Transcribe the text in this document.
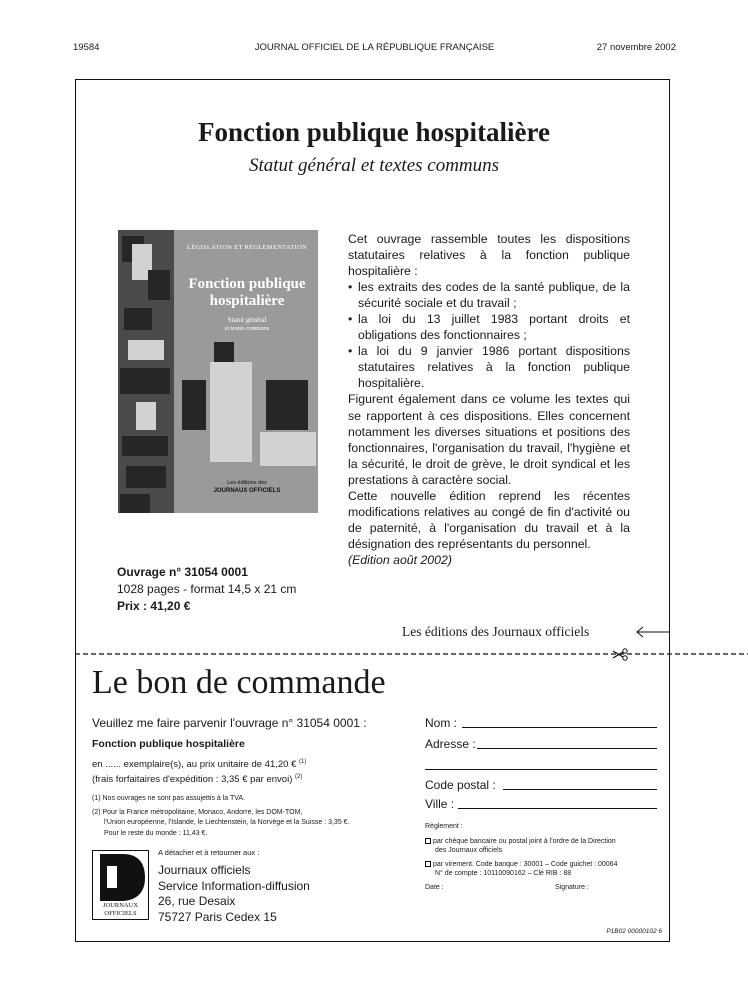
19584	JOURNAL OFFICIEL DE LA RÉPUBLIQUE FRANÇAISE	27 novembre 2002
Fonction publique hospitalière
Statut général et textes communs
LÉGISLATION ET RÉGLEMENTATION
Fonction publique
hospitalière
Statut général
et textes communs
Les éditions des
JOURNAUX OFFICIELS

Cet ouvrage rassemble toutes les dispositions statutaires relatives à la fonction publique hospitalière :

• les extraits des codes de la santé publique, de la sécurité sociale et du travail ;
• la loi du 13 juillet 1983 portant droits et obligations des fonctionnaires ;
• la loi du 9 janvier 1986 portant dispositions statutaires relatives à la fonction publique hospitalière.

Figurent également dans ce volume les textes qui se rapportent à ces dispositions. Elles concernent notamment les diverses situations et positions des fonctionnaires, l'organisation du travail, l'hygiène et la sécurité, le droit de grève, le droit syndical et les prestations à caractère social.

Cette nouvelle édition reprend les récentes modifications relatives au congé de fin d'activité ou de paternité, à l'organisation du travail et à la désignation des représentants du personnel.

(Edition août 2002)
Ouvrage n° 31054 0001
1028 pages - format 14,5 x 21 cm
Prix : 41,20 €
Les éditions des Journaux officiels
Le bon de commande
Veuillez me faire parvenir l'ouvrage n° 31054 0001 :
Fonction publique hospitalière
en ...... exemplaire(s), au prix unitaire de 41,20 € $^{(1)}$
(frais forfaitaires d'expédition : 3,35 € par envoi) $^{(2)}$
(1) Nos ouvrages ne sont pas assujettis à la TVA.
(2) Pour la France métropolitaine, Monaco, Andorre, les DOM-TOM,
l'Union européenne, l'Islande, le Liechtenstein, la Norvège et la Suisse : 3,35 €.
Pour le reste du monde : 11,43 €.
JOURNAUX
OFFICIELS
A détacher et à retourner aux :
Journaux officiels
Service Information-diffusion
26, rue Desaix
75727 Paris Cedex 15
Nom :
Adresse :
Code postal :
Ville :
Règlement :
par chèque bancaire ou postal joint à l'ordre de la Direction
des Journaux officiels
par virement. Code banque : 30001 – Code guichet : 00064
N° de compte : 10110090162 – Clé RIB : 88
Date :	Signature :
P1B02 00000102 6
